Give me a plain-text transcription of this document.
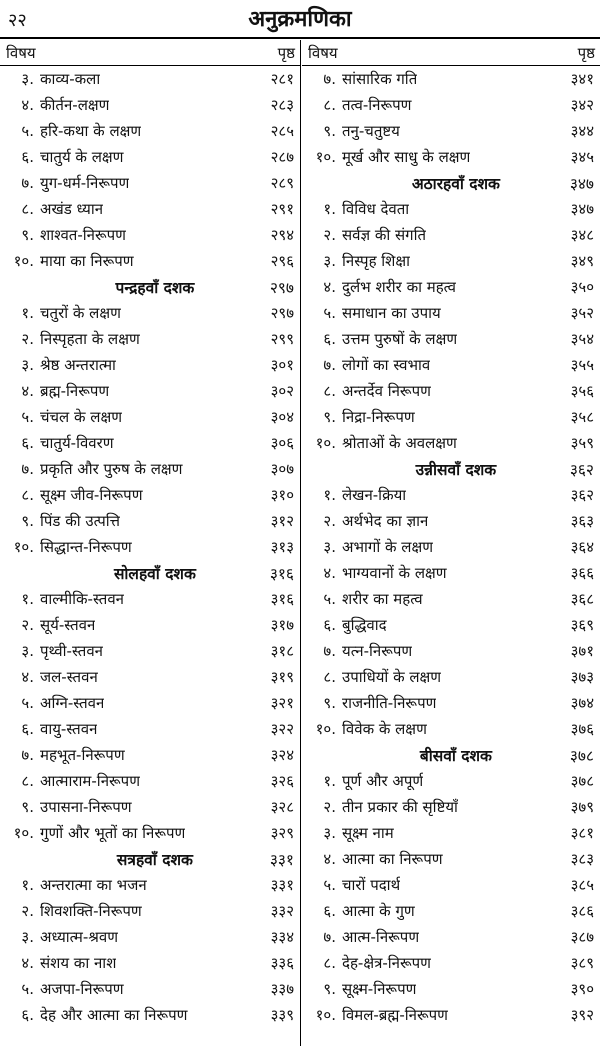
२२	अनुक्रमणिका
विषय	पृष्ठ
३. काव्य-कला	२८१
४. कीर्तन-लक्षण	२८३
५. हरि-कथा के लक्षण	२८५
६. चातुर्य के लक्षण	२८७
७. युग-धर्म-निरूपण	२८९
८. अखंड ध्यान	२९१
९. शाश्वत-निरूपण	२९४
१०. माया का निरूपण	२९६
पन्द्रहवाँ दशक	२९७
१. चतुरों के लक्षण	२९७
२. निस्पृहता के लक्षण	२९९
३. श्रेष्ठ अन्तरात्मा	३०१
४. ब्रह्म-निरूपण	३०२
५. चंचल के लक्षण	३०४
६. चातुर्य-विवरण	३०६
७. प्रकृति और पुरुष के लक्षण	३०७
८. सूक्ष्म जीव-निरूपण	३१०
९. पिंड की उत्पत्ति	३१२
१०. सिद्धान्त-निरूपण	३१३
सोलहवाँ दशक	३१६
१. वाल्मीकि-स्तवन	३१६
२. सूर्य-स्तवन	३१७
३. पृथ्वी-स्तवन	३१८
४. जल-स्तवन	३१९
५. अग्नि-स्तवन	३२१
६. वायु-स्तवन	३२२
७. महभूत-निरूपण	३२४
८. आत्माराम-निरूपण	३२६
९. उपासना-निरूपण	३२८
१०. गुणों और भूतों का निरूपण	३२९
सत्रहवाँ दशक	३३१
१. अन्तरात्मा का भजन	३३१
२. शिवशक्ति-निरूपण	३३२
३. अध्यात्म-श्रवण	३३४
४. संशय का नाश	३३६
५. अजपा-निरूपण	३३७
६. देह और आत्मा का निरूपण	३३९
विषय	पृष्ठ
७. सांसारिक गति	३४१
८. तत्व-निरूपण	३४२
९. तनु-चतुष्टय	३४४
१०. मूर्ख और साधु के लक्षण	३४५
अठारहवाँ दशक	३४७
१. विविध देवता	३४७
२. सर्वज्ञ की संगति	३४८
३. निस्पृह शिक्षा	३४९
४. दुर्लभ शरीर का महत्व	३५०
५. समाधान का उपाय	३५२
६. उत्तम पुरुषों के लक्षण	३५४
७. लोगों का स्वभाव	३५५
८. अन्तर्देव निरूपण	३५६
९. निद्रा-निरूपण	३५८
१०. श्रोताओं के अवलक्षण	३५९
उन्नीसवाँ दशक	३६२
१. लेखन-क्रिया	३६२
२. अर्थभेद का ज्ञान	३६३
३. अभागों के लक्षण	३६४
४. भाग्यवानों के लक्षण	३६६
५. शरीर का महत्व	३६८
६. बुद्धिवाद	३६९
७. यत्न-निरूपण	३७१
८. उपाधियों के लक्षण	३७३
९. राजनीति-निरूपण	३७४
१०. विवेक के लक्षण	३७६
बीसवाँ दशक	३७८
१. पूर्ण और अपूर्ण	३७८
२. तीन प्रकार की सृष्टियाँ	३७९
३. सूक्ष्म नाम	३८१
४. आत्मा का निरूपण	३८३
५. चारों पदार्थ	३८५
६. आत्मा के गुण	३८६
७. आत्म-निरूपण	३८७
८. देह-क्षेत्र-निरूपण	३८९
९. सूक्ष्म-निरूपण	३९०
१०. विमल-ब्रह्म-निरूपण	३९२
